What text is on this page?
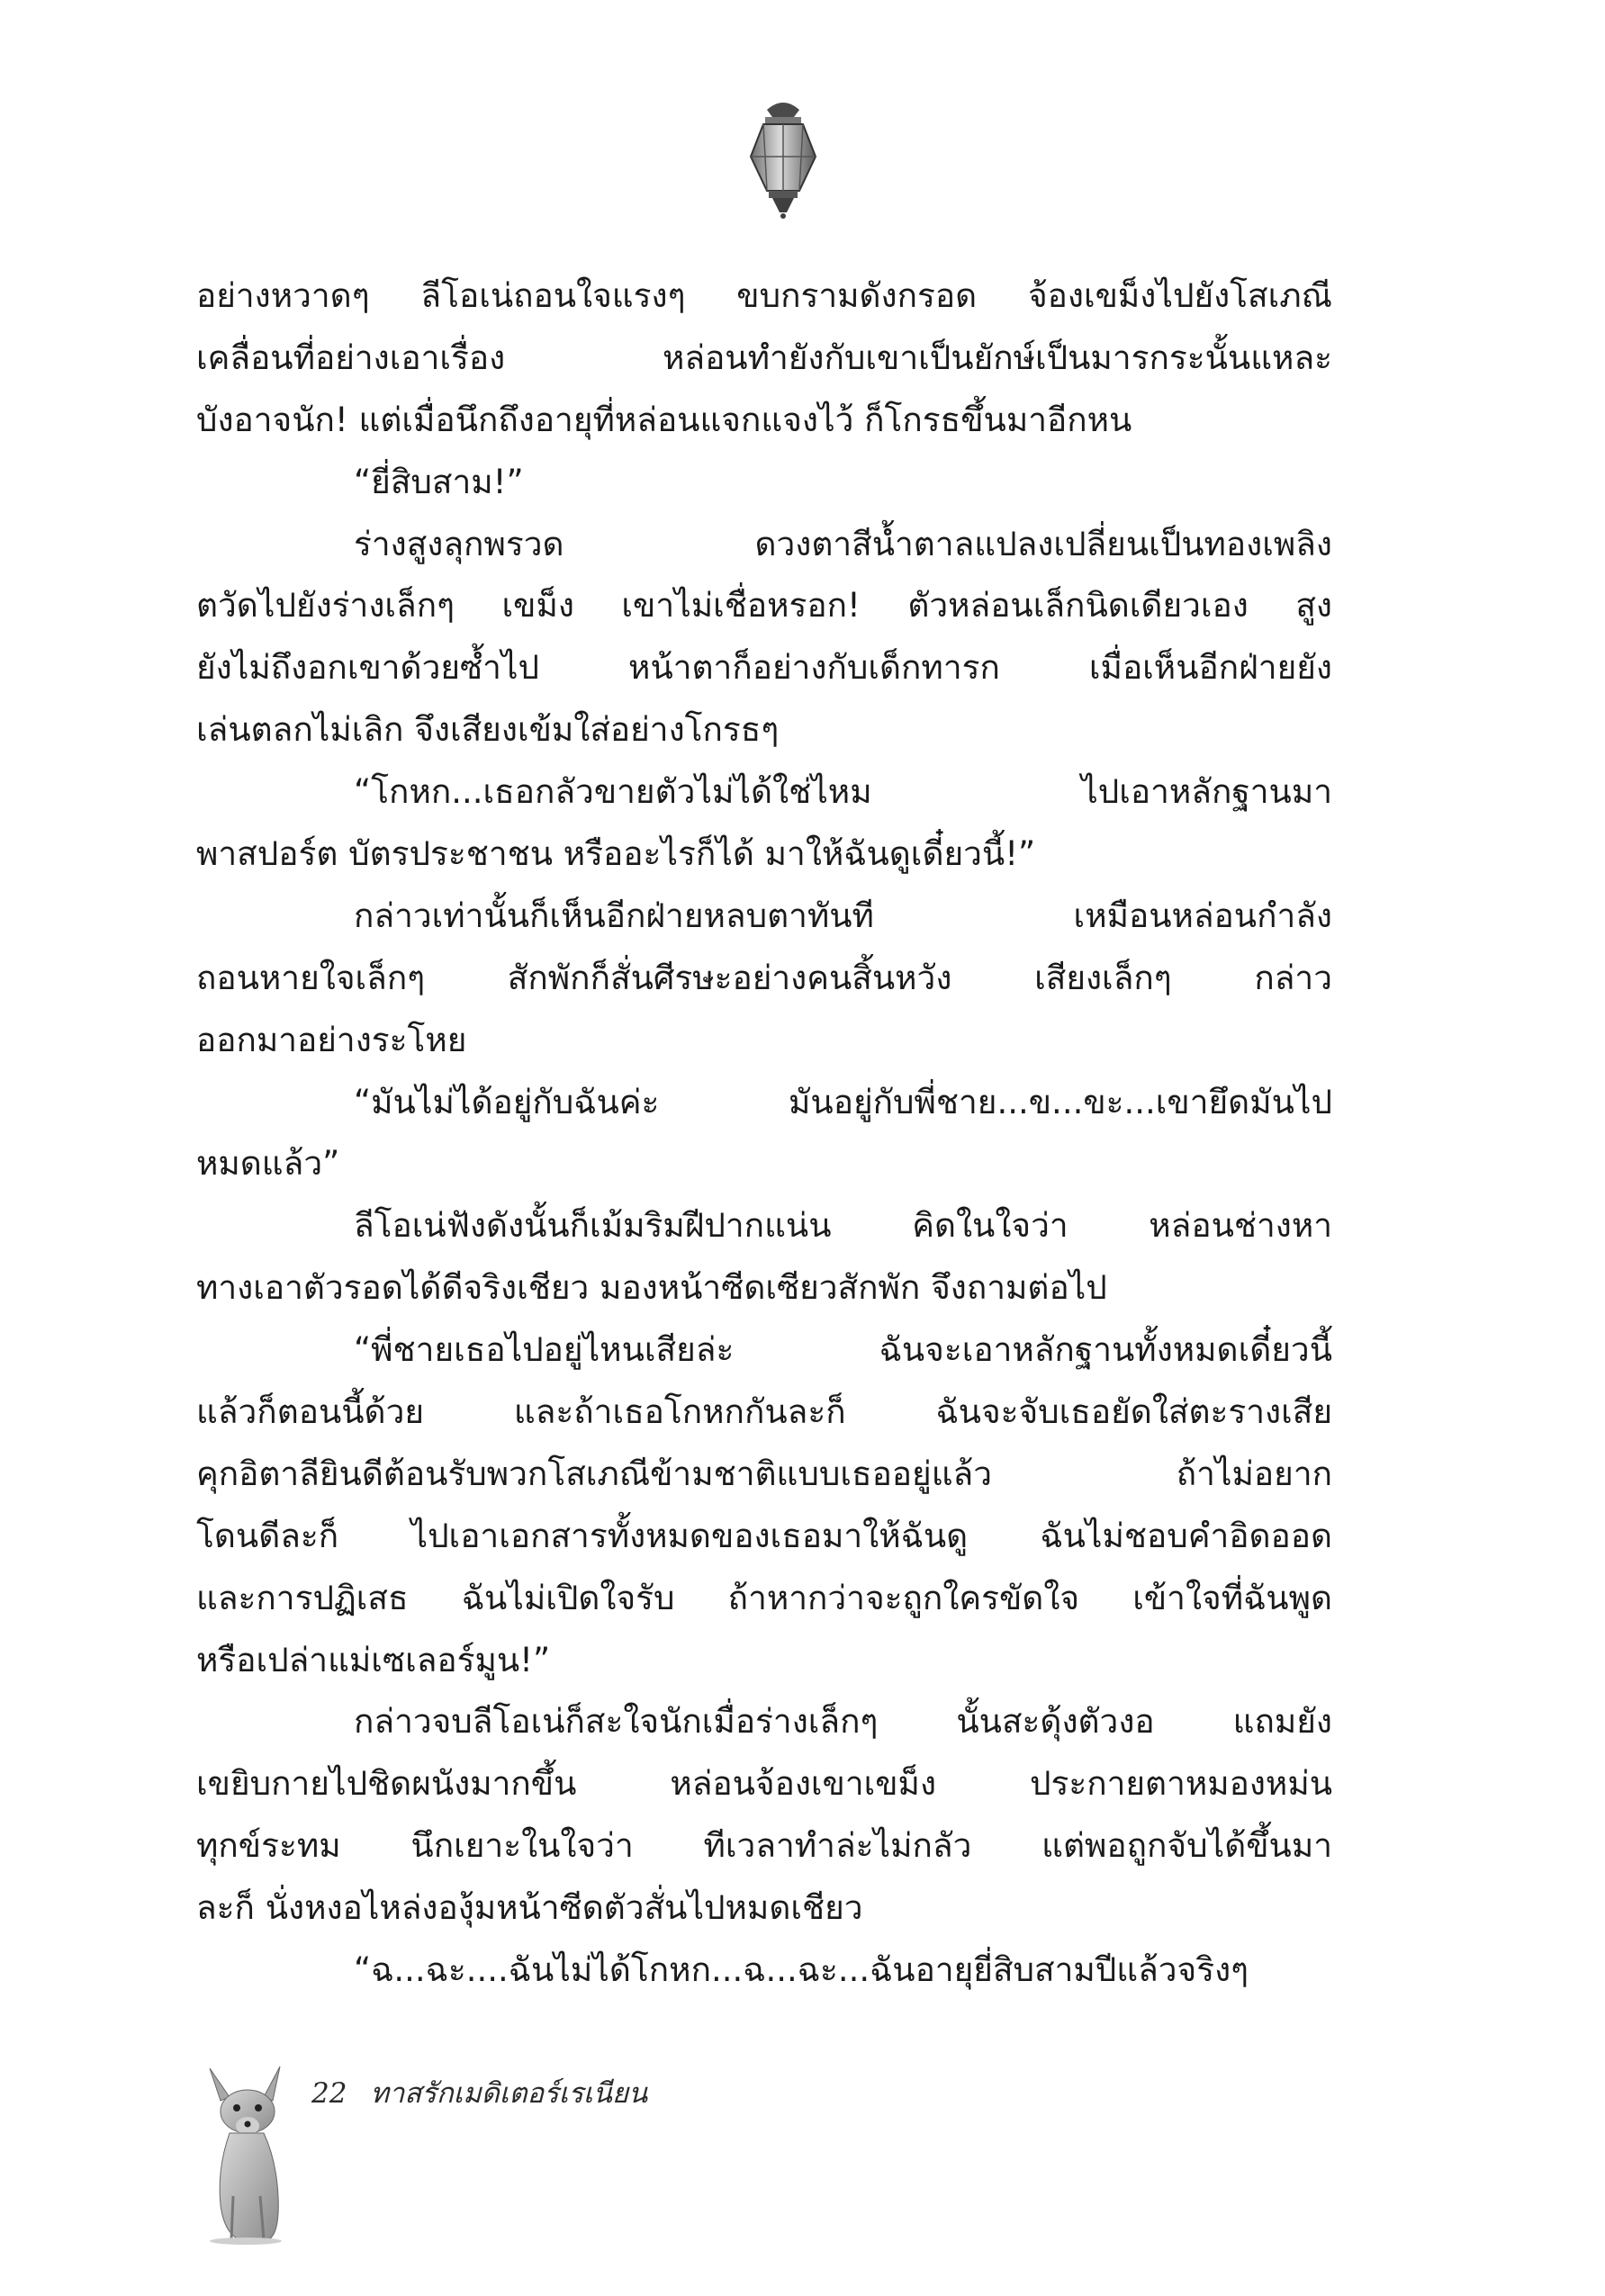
อย่างหวาดๆ ลีโอเน่ถอนใจแรงๆ ขบกรามดังกรอด จ้องเขม็งไปยังโสเภณี
เคลื่อนที่อย่างเอาเรื่อง หล่อนทำยังกับเขาเป็นยักษ์เป็นมารกระนั้นแหละ
บังอาจนัก! แต่เมื่อนึกถึงอายุที่หล่อนแจกแจงไว้ ก็โกรธขึ้นมาอีกหน
“ยี่สิบสาม!”
ร่างสูงลุกพรวด ดวงตาสีน้ำตาลแปลงเปลี่ยนเป็นทองเพลิง
ตวัดไปยังร่างเล็กๆ เขม็ง เขาไม่เชื่อหรอก! ตัวหล่อนเล็กนิดเดียวเอง สูง
ยังไม่ถึงอกเขาด้วยซ้ำไป หน้าตาก็อย่างกับเด็กทารก เมื่อเห็นอีกฝ่ายยัง
เล่นตลกไม่เลิก จึงเสียงเข้มใส่อย่างโกรธๆ
“โกหก...เธอกลัวขายตัวไม่ได้ใช่ไหม ไปเอาหลักฐานมา
พาสปอร์ต บัตรประชาชน หรืออะไรก็ได้ มาให้ฉันดูเดี๋ยวนี้!”
กล่าวเท่านั้นก็เห็นอีกฝ่ายหลบตาทันที เหมือนหล่อนกำลัง
ถอนหายใจเล็กๆ สักพักก็สั่นศีรษะอย่างคนสิ้นหวัง เสียงเล็กๆ กล่าว
ออกมาอย่างระโหย
“มันไม่ได้อยู่กับฉันค่ะ มันอยู่กับพี่ชาย...ข...ขะ...เขายึดมันไป
หมดแล้ว”
ลีโอเน่ฟังดังนั้นก็เม้มริมฝีปากแน่น คิดในใจว่า หล่อนช่างหา
ทางเอาตัวรอดได้ดีจริงเชียว มองหน้าซีดเซียวสักพัก จึงถามต่อไป
“พี่ชายเธอไปอยู่ไหนเสียล่ะ ฉันจะเอาหลักฐานทั้งหมดเดี๋ยวนี้
แล้วก็ตอนนี้ด้วย และถ้าเธอโกหกกันละก็ ฉันจะจับเธอยัดใส่ตะรางเสีย
คุกอิตาลียินดีต้อนรับพวกโสเภณีข้ามชาติแบบเธออยู่แล้ว ถ้าไม่อยาก
โดนดีละก็ ไปเอาเอกสารทั้งหมดของเธอมาให้ฉันดู ฉันไม่ชอบคำอิดออด
และการปฏิเสธ ฉันไม่เปิดใจรับ ถ้าหากว่าจะถูกใครขัดใจ เข้าใจที่ฉันพูด
หรือเปล่าแม่เซเลอร์มูน!”
กล่าวจบลีโอเน่ก็สะใจนักเมื่อร่างเล็กๆ นั้นสะดุ้งตัวงอ แถมยัง
เขยิบกายไปชิดผนังมากขึ้น หล่อนจ้องเขาเขม็ง ประกายตาหมองหม่น
ทุกข์ระทม นึกเยาะในใจว่า ทีเวลาทำล่ะไม่กลัว แต่พอถูกจับได้ขึ้นมา
ละก็ นั่งหงอไหล่งองุ้มหน้าซีดตัวสั่นไปหมดเชียว
“ฉ...ฉะ....ฉันไม่ได้โกหก...ฉ...ฉะ...ฉันอายุยี่สิบสามปีแล้วจริงๆ
22 ทาสรักเมดิเตอร์เรเนียน
